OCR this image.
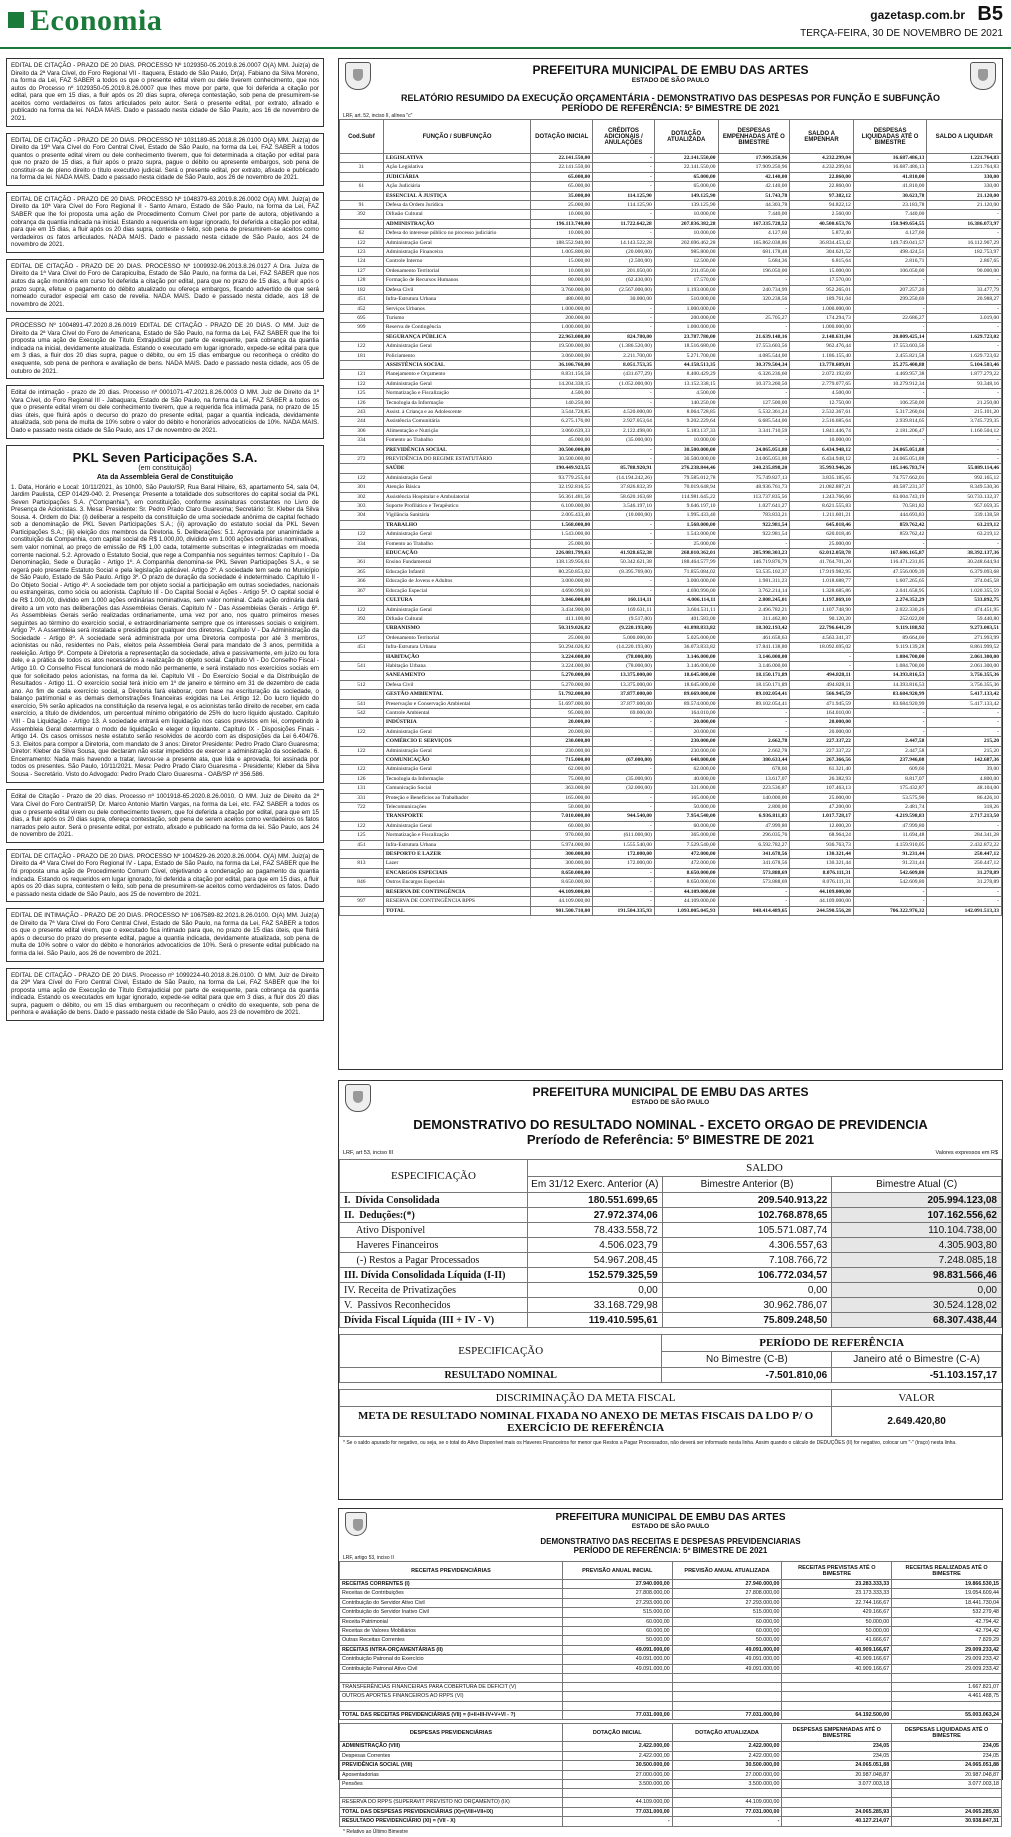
Economia	gazetasp.com.br B5
TERÇA-FEIRA, 30 DE NOVEMBRO DE 2021
EDITAL DE CITAÇÃO - PRAZO DE 20 DIAS. PROCESSO Nº 1029350-05.2019.8.26.0007 O(A) MM. Juiz(a) de Direito da 2ª Vara Cível, do Foro Regional VII - Itaquera, Estado de São Paulo, Dr(a). Fabiano da Silva Moreno, na forma da Lei, FAZ SABER a todos os que o presente edital virem ou dele tiverem conhecimento, que nos autos do Processo nº 1029350-05.2019.8.26.0007 que lhes move por parte, que foi deferida a citação por edital, para que em 15 dias, a fluir após os 20 dias supra, ofereça contestação, sob pena de presumirem-se aceitos como verdadeiros os fatos articulados pelo autor. Será o presente edital, por extrato, afixado e publicado na forma da lei. NADA MAIS. Dado e passado nesta cidade de São Paulo, aos 16 de novembro de 2021.
EDITAL DE CITAÇÃO - PRAZO DE 20 DIAS. PROCESSO Nº 1031189-85.2018.8.26.0100 O(A) MM. Juiz(a) de Direito da 19ª Vara Cível do Foro Central Cível, Estado de São Paulo, na forma da Lei, FAZ SABER a todos quantos o presente edital virem ou dele conhecimento tiverem, que foi determinada a citação por edital para que no prazo de 15 dias, a fluir após o prazo supra, pague o débito ou apresente embargos, sob pena de constituir-se de pleno direito o título executivo judicial. Será o presente edital, por extrato, afixado e publicado na forma da lei. NADA MAIS. Dado e passado nesta cidade de São Paulo, aos 26 de novembro de 2021.
EDITAL DE CITAÇÃO - PRAZO DE 20 DIAS. PROCESSO Nº 1048379-63.2019.8.26.0002 O(A) MM. Juiz(a) de Direito da 10ª Vara Cível do Foro Regional II - Santo Amaro, Estado de São Paulo, na forma da Lei, FAZ SABER que lhe foi proposta uma ação de Procedimento Comum Cível por parte de autora, objetivando a cobrança da quantia indicada na inicial. Estando a requerida em lugar ignorado, foi deferida a citação por edital, para que em 15 dias, a fluir após os 20 dias supra, conteste o feito, sob pena de presumirem-se aceitos como verdadeiros os fatos articulados. NADA MAIS. Dado e passado nesta cidade de São Paulo, aos 24 de novembro de 2021.
EDITAL DE CITAÇÃO - PRAZO DE 20 DIAS. PROCESSO Nº 1009932-96.2013.8.26.0127 A Dra. Juíza de Direito da 1ª Vara Cível do Foro de Carapicuíba, Estado de São Paulo, na forma da Lei, FAZ SABER que nos autos da ação monitória em curso foi deferida a citação por edital, para que no prazo de 15 dias, a fluir após o prazo supra, efetue o pagamento do débito atualizado ou ofereça embargos, ficando advertido de que será nomeado curador especial em caso de revelia. NADA MAIS. Dado e passado nesta cidade, aos 18 de novembro de 2021.
PROCESSO Nº 1004891-47.2020.8.26.0019 EDITAL DE CITAÇÃO - PRAZO DE 20 DIAS. O MM. Juiz de Direito da 2ª Vara Cível do Foro de Americana, Estado de São Paulo, na forma da Lei, FAZ SABER que lhe foi proposta uma ação de Execução de Título Extrajudicial por parte de exequente, para cobrança da quantia indicada na inicial, devidamente atualizada. Estando o executado em lugar ignorado, expede-se edital para que em 3 dias, a fluir dos 20 dias supra, pague o débito, ou em 15 dias embargue ou reconheça o crédito do exequente, sob pena de penhora e avaliação de bens. NADA MAIS. Dado e passado nesta cidade, aos 05 de outubro de 2021.
Edital de intimação - prazo de 20 dias. Processo nº 0001071-47.2021.8.26.0003 O MM. Juiz de Direito da 1ª Vara Cível, do Foro Regional III - Jabaquara, Estado de São Paulo, na forma da Lei, FAZ SABER a todos os que o presente edital virem ou dele conhecimento tiverem, que a requerida fica intimada para, no prazo de 15 dias úteis, que fluirá após o decurso do prazo do presente edital, pagar a quantia indicada, devidamente atualizada, sob pena de multa de 10% sobre o valor do débito e honorários advocatícios de 10%. NADA MAIS. Dado e passado nesta cidade de São Paulo, aos 17 de novembro de 2021.
PKL Seven Participações S.A.
(em constituição)
Ata da Assembleia Geral de Constituição
1. Data, Horário e Local: 10/11/2021, às 10h00, São Paulo/SP, Rua Baral Hilaire, 63, apartamento 54, sala 04, Jardim Paulista, CEP 01429-040. 2. Presença: Presente a totalidade dos subscritores do capital social da PKL Seven Participações S.A. (“Companhia”), em constituição, conforme assinaturas constantes no Livro de Presença de Acionistas. 3. Mesa: Presidente: Sr. Pedro Prado Claro Guaresma; Secretário: Sr. Kleber da Silva Sousa. 4. Ordem do Dia: (i) deliberar a respeito da constituição de uma sociedade anônima de capital fechado sob a denominação de PKL Seven Participações S.A.; (ii) aprovação do estatuto social da PKL Seven Participações S.A.; (iii) eleição dos membros da Diretoria. 5. Deliberações: 5.1. Aprovada por unanimidade a constituição da Companhia, com capital social de R$ 1.000,00, dividido em 1.000 ações ordinárias nominativas, sem valor nominal, ao preço de emissão de R$ 1,00 cada, totalmente subscritas e integralizadas em moeda corrente nacional. 5.2. Aprovado o Estatuto Social, que rege a Companhia nos seguintes termos: Capítulo I - Da Denominação, Sede e Duração - Artigo 1º. A Companhia denomina-se PKL Seven Participações S.A., e se regerá pelo presente Estatuto Social e pela legislação aplicável. Artigo 2º. A sociedade tem sede no Município de São Paulo, Estado de São Paulo. Artigo 3º. O prazo de duração da sociedade é indeterminado. Capítulo II - Do Objeto Social - Artigo 4º. A sociedade tem por objeto social a participação em outras sociedades, nacionais ou estrangeiras, como sócia ou acionista. Capítulo III - Do Capital Social e Ações - Artigo 5º. O capital social é de R$ 1.000,00, dividido em 1.000 ações ordinárias nominativas, sem valor nominal. Cada ação ordinária dará direito a um voto nas deliberações das Assembleias Gerais. Capítulo IV - Das Assembleias Gerais - Artigo 6º. As Assembleias Gerais serão realizadas ordinariamente, uma vez por ano, nos quatro primeiros meses seguintes ao término do exercício social, e extraordinariamente sempre que os interesses sociais o exigirem. Artigo 7º. A Assembleia será instalada e presidida por qualquer dos diretores. Capítulo V - Da Administração da Sociedade - Artigo 8º. A sociedade será administrada por uma Diretoria composta por até 3 membros, acionistas ou não, residentes no País, eleitos pela Assembleia Geral para mandato de 3 anos, permitida a reeleição. Artigo 9º. Compete à Diretoria a representação da sociedade, ativa e passivamente, em juízo ou fora dele, e a prática de todos os atos necessários à realização do objeto social. Capítulo VI - Do Conselho Fiscal - Artigo 10. O Conselho Fiscal funcionará de modo não permanente, e será instalado nos exercícios sociais em que for solicitado pelos acionistas, na forma da lei. Capítulo VII - Do Exercício Social e da Distribuição de Resultados - Artigo 11. O exercício social terá início em 1º de janeiro e término em 31 de dezembro de cada ano. Ao fim de cada exercício social, a Diretoria fará elaborar, com base na escrituração da sociedade, o balanço patrimonial e as demais demonstrações financeiras exigidas na Lei. Artigo 12. Do lucro líquido do exercício, 5% serão aplicados na constituição da reserva legal, e os acionistas terão direito de receber, em cada exercício, a título de dividendos, um percentual mínimo obrigatório de 25% do lucro líquido ajustado. Capítulo VIII - Da Liquidação - Artigo 13. A sociedade entrará em liquidação nos casos previstos em lei, competindo à Assembleia Geral determinar o modo de liquidação e eleger o liquidante. Capítulo IX - Disposições Finais - Artigo 14. Os casos omissos neste estatuto serão resolvidos de acordo com as disposições da Lei 6.404/76. 5.3. Eleitos para compor a Diretoria, com mandato de 3 anos: Diretor Presidente: Pedro Prado Claro Guaresma; Diretor: Kleber da Silva Sousa, que declaram não estar impedidos de exercer a administração da sociedade. 6. Encerramento: Nada mais havendo a tratar, lavrou-se a presente ata, que lida e aprovada, foi assinada por todos os presentes. São Paulo, 10/11/2021. Mesa: Pedro Prado Claro Guaresma - Presidente; Kleber da Silva Sousa - Secretário. Visto do Advogado: Pedro Prado Claro Guaresma - OAB/SP nº 356.586.
Edital de Citação - Prazo de 20 dias. Processo nº 1001918-65.2020.8.26.0010. O MM. Juiz de Direito da 2ª Vara Cível do Foro Central/SP, Dr. Marco Antonio Martin Vargas, na forma da Lei, etc. FAZ SABER a todos os que o presente edital virem ou dele conhecimento tiverem, que foi deferida a citação por edital, para que em 15 dias, a fluir após os 20 dias supra, ofereça contestação, sob pena de serem aceitos como verdadeiros os fatos narrados pelo autor. Será o presente edital, por extrato, afixado e publicado na forma da lei. São Paulo, aos 24 de novembro de 2021.
EDITAL DE CITAÇÃO - PRAZO DE 20 DIAS. PROCESSO Nº 1004529-26.2020.8.26.0004. O(A) MM. Juiz(a) de Direito da 4ª Vara Cível do Foro Regional IV - Lapa, Estado de São Paulo, na forma da Lei, FAZ SABER que lhe foi proposta uma ação de Procedimento Comum Cível, objetivando a condenação ao pagamento da quantia indicada. Estando os requeridos em lugar ignorado, foi deferida a citação por edital, para que em 15 dias, a fluir após os 20 dias supra, contestem o feito, sob pena de presumirem-se aceitos como verdadeiros os fatos. Dado e passado nesta cidade de São Paulo, aos 25 de novembro de 2021.
EDITAL DE INTIMAÇÃO - PRAZO DE 20 DIAS. PROCESSO Nº 1067589-82.2021.8.26.0100. O(A) MM. Juiz(a) de Direito da 7ª Vara Cível do Foro Central Cível, Estado de São Paulo, na forma da Lei, FAZ SABER a todos os que o presente edital virem, que o executado fica intimado para que, no prazo de 15 dias úteis, que fluirá após o decurso do prazo do presente edital, pague a quantia indicada, devidamente atualizada, sob pena de multa de 10% sobre o valor do débito e honorários advocatícios de 10%. Será o presente edital publicado na forma da lei. São Paulo, aos 26 de novembro de 2021.
EDITAL DE CITAÇÃO - PRAZO DE 20 DIAS. Processo nº 1099224-40.2018.8.26.0100. O MM. Juiz de Direito da 29ª Vara Cível do Foro Central Cível, Estado de São Paulo, na forma da Lei, FAZ SABER que lhe foi proposta uma ação de Execução de Título Extrajudicial por parte de exequente, para cobrança da quantia indicada. Estando os executados em lugar ignorado, expede-se edital para que em 3 dias, a fluir dos 20 dias supra, paguem o débito, ou em 15 dias embarguem ou reconheçam o crédito do exequente, sob pena de penhora e avaliação de bens. Dado e passado nesta cidade de São Paulo, aos 23 de novembro de 2021.
PREFEITURA MUNICIPAL DE EMBU DAS ARTES
ESTADO DE SÃO PAULO
RELATÓRIO RESUMIDO DA EXECUÇÃO ORÇAMENTÁRIA - DEMONSTRATIVO DAS DESPESAS POR FUNÇÃO E SUBFUNÇÃO
PERÍODO DE REFERÊNCIA: 5º BIMESTRE DE 2021
LRF, art. 52, inciso II, alínea "c"
Cod.Subf	FUNÇÃO / SUBFUNÇÃO	DOTAÇÃO INICIAL	CRÉDITOS ADICIONAIS / ANULAÇÕES	DOTAÇÃO ATUALIZADA	DESPESAS EMPENHADAS ATÉ O BIMESTRE	SALDO A EMPENHAR	DESPESAS LIQUIDADAS ATÉ O BIMESTRE	SALDO A LIQUIDAR
	LEGISLATIVA	22.141.550,00	-	22.141.550,00	17.909.250,96	4.232.299,04	16.687.486,13	1.221.764,83
31	Ação Legislativa	22.141.550,00	-	22.141.550,00	17.909.250,96	4.232.299,04	16.687.486,13	1.221.764,83
	JUDICIÁRIA	65.000,00	-	65.000,00	42.140,00	22.860,00	41.810,00	330,00
61	Ação Judiciária	65.000,00	-	65.000,00	42.140,00	22.860,00	41.810,00	330,00
	ESSENCIAL À JUSTIÇA	35.000,00	114.125,90	149.125,90	51.743,78	97.382,12	30.623,78	21.120,00
91	Defesa da Ordem Jurídica	25.000,00	114.125,90	139.125,90	44.303,78	94.822,12	23.183,78	21.120,00
392	Difusão Cultural	10.000,00	-	10.000,00	7.440,00	2.560,00	7.440,00	-
	ADMINISTRAÇÃO	196.113.740,00	11.722.642,28	207.836.382,28	167.335.728,52	40.500.653,76	150.949.654,55	16.386.073,97
62	Defesa do interesse público no processo judiciário	10.000,00	-	10.000,00	4.127,60	5.872,40	4.127,60	-
122	Administração Geral	188.552.940,00	14.143.522,28	202.696.462,28	165.862.038,86	36.834.453,42	149.749.041,57	16.112.967,29
123	Administração Financeira	1.005.800,00	(20.000,00)	985.800,00	681.178,48	304.621,52	498.424,51	182.753,97
124	Controle Interno	15.000,00	(2.500,00)	12.500,00	5.684,36	6.815,64	2.816,71	2.867,65
127	Ordenamento Territorial	10.000,00	201.050,00	211.050,00	196.050,00	15.000,00	106.050,00	90.000,00
128	Formação de Recursos Humanos	80.000,00	(62.430,00)	17.570,00	-	17.570,00	-	-
182	Defesa Civil	3.760.000,00	(2.567.000,00)	1.193.000,00	240.734,99	952.265,01	207.257,20	33.477,79
451	Infra-Estrutura Urbana	480.000,00	30.000,00	510.000,00	320.238,56	189.761,04	299.250,69	20.988,27
452	Serviços Urbanos	1.000.000,00	-	1.000.000,00	-	1.000.000,00	-	-
695	Turismo	200.000,00	-	200.000,00	25.705,27	174.294,73	22.686,27	3.019,00
999	Reserva de Contingência	1.000.000,00	-	1.000.000,00	-	1.000.000,00	-	-
	SEGURANÇA PÚBLICA	22.963.000,00	824.780,00	23.787.780,00	21.639.148,16	2.148.631,84	20.009.425,14	1.629.723,02
122	Administração Geral	19.500.000,00	(1.386.520,00)	18.516.680,00	17.553.603,56	962.476,44	17.553.603,56	-
181	Policiamento	3.060.000,00	2.211.700,00	5.271.700,00	4.085.544,00	1.186.155,40	2.455.821,58	1.629.723,02
	ASSISTÊNCIA SOCIAL	36.106.760,00	8.051.753,35	44.158.513,35	30.379.504,34	13.778.609,01	25.275.400,88	5.104.503,46
121	Planejamento e Orçamento	8.831.156,58	(431.677,29)	8.400.429,29	6.326.236,60	2.072.192,69	4.469.957,38	1.877.279,22
122	Administração Geral	14.204.338,15	(1.052.000,00)	13.152.338,15	10.373.260,50	2.779.077,65	10.279.912,34	93.348,16
125	Normatização e Fiscalização	4.500,00	-	4.500,00	-	4.500,00	-	-
126	Tecnologia da Informação	140.250,00	-	140.250,00	127.500,00	12.750,00	106.250,00	21.250,00
243	Assist. à Criança e ao Adolescente	3.544.728,85	4.520.000,00	8.064.728,85	5.532.361,24	2.532.367,61	5.317.260,04	215.101,20
244	Assistência Comunitária	6.275.176,00	2.927.053,64	9.202.229,64	6.685.544,00	2.516.685,64	2.939.814,65	3.745.729,35
306	Alimentação e Nutrição	3.060.639,33	2.122.498,00	5.183.137,33	3.341.710,59	1.841.446,74	2.181.206,47	1.160.504,12
334	Fomento ao Trabalho	45.000,00	(35.000,00)	10.000,00	-	10.000,00	-	-
	PREVIDÊNCIA SOCIAL	30.500.000,00	-	30.500.000,00	24.065.051,88	6.434.948,12	24.065.051,88	-
272	PREVIDÊNCIA DO REGIME ESTATUTÁRIO	30.500.000,00	-	30.500.000,00	24.065.051,88	6.434.948,12	24.065.051,88	-
	SAÚDE	190.449.923,55	85.788.920,91	276.238.844,46	240.235.898,20	35.993.946,26	185.146.783,74	55.089.114,46
122	Administração Geral	93.779.255,04	(14.194.242,26)	79.585.012,78	75.749.827,13	3.835.185,65	74.757.662,01	992.165,12
301	Atenção Básica	32.192.816,55	37.826.832,39	70.019.648,94	48.936.761,73	21.082.887,21	40.587.231,37	8.349.530,36
302	Assistência Hospitalar e Ambulatorial	56.361.481,56	58.620.163,68	114.981.645,22	113.737.835,56	1.243.766,66	63.004.743,19	50.733.132,37
303	Suporte Profilático e Terapêutico	6.100.000,00	3.546.197,10	9.646.197,10	1.027.641,27	8.621.555,83	70.581,82	957.059,35
304	Vigilância Sanitária	2.005.433,40	(10.000,00)	1.995.433,40	783.833,21	1.211.601,21	444.693,83	339.138,58
	TRABALHO	1.568.000,00	-	1.568.000,00	922.981,54	645.018,46	859.762,42	63.219,12
122	Administração Geral	1.543.000,00	-	1.543.000,00	922.981,54	620.018,46	859.762,42	63.219,12
334	Fomento ao Trabalho	25.000,00	-	25.000,00	-	25.000,00	-	-
	EDUCAÇÃO	226.081.799,63	41.928.652,38	268.010.362,01	205.998.303,23	62.012.058,78	167.606.165,87	38.392.137,36
361	Ensino Fundamental	138.139.956,61	50.342.621,38	188.464.577,99	146.719.876,79	41.764.701,20	116.471.231,85	30.248.644,94
365	Educação Infantil	80.250.853,02	(8.395.769,00)	71.855.084,02	53.535.102,37	17.919.982,95	47.556.009,39	6.379.093,68
366	Educação de Jovens e Adultos	3.000.000,00	-	3.000.000,00	1.981.311,23	1.018.688,77	1.607.265,65	374.045,58
367	Educação Especial	4.690.990,00	-	4.690.990,00	3.762.214,14	1.328.685,86	2.041.658,95	1.020.355,59
	CULTURA	3.846.000,00	160.114,11	4.006.114,11	2.808.245,01	1.197.869,10	2.274.352,29	533.892,75
122	Administração Geral	3.434.900,00	169.631,11	3.604.531,11	2.496.782,21	1.107.748,90	2.022.330,26	474.451,95
392	Difusão Cultural	411.100,00	(9.517,00)	401.583,00	311.462,80	90.120,20	252.022,00	59.440,80
	URBANISMO	50.319.026,82	(9.220.193,00)	41.098.833,82	18.302.193,42	22.796.641,39	9.119.188,92	9.273.003,51
127	Ordenamento Territorial	25.000,00	5.000.000,00	5.025.000,00	461.658,63	4.563.341,37	89.664,00	271.993,99
451	Infra-Estrutura Urbana	50.294.026,82	(14.220.193,00)	36.073.833,82	17.841.138,80	18.092.695,02	9.119.139,28	8.861.999,52
	HABITAÇÃO	3.224.000,00	(78.000,00)	3.146.000,00	3.146.000,00	-	1.084.700,00	2.061.300,00
541	Habitação Urbana	3.224.000,00	(78.000,00)	3.146.000,00	3.146.000,00	-	1.084.700,00	2.061.300,00
	SANEAMENTO	5.270.000,00	13.375.000,00	18.645.000,00	18.150.171,89	494.828,11	14.393.816,53	3.756.355,36
512	Defesa Civil	5.270.000,00	13.375.000,00	18.645.000,00	18.150.171,89	494.828,11	14.393.816,53	3.756.355,36
	GESTÃO AMBIENTAL	51.792.000,00	37.877.000,00	89.669.000,00	89.102.054,41	566.945,59	83.684.920,99	5.417.133,42
541	Preservação e Conservação Ambiental	51.697.000,00	37.877.000,00	89.574.000,00	89.102.054,41	471.945,59	83.684.920,99	5.417.133,42
542	Controle Ambiental	95.000,00	69.000,00	164.010,00	-	164.010,00	-	-
	INDÚSTRIA	20.000,00	-	20.000,00	-	20.000,00	-	-
122	Administração Geral	20.000,00	-	20.000,00	-	20.000,00	-	-
	COMÉRCIO E SERVIÇOS	230.000,00	-	230.000,00	2.662,78	227.337,22	2.447,58	215,20
122	Administração Geral	230.000,00	-	230.000,00	2.662,78	227.337,22	2.447,58	215,20
	COMUNICAÇÃO	715.000,00	(67.000,00)	648.000,00	380.633,44	267.366,56	237.946,08	142.687,36
122	Administração Geral	62.000,00	-	62.000,00	678,60	61.321,40	609,60	39,00
126	Tecnologia da Informação	75.000,00	(35.000,00)	40.000,00	13.617,07	26.382,93	8.817,07	4.800,00
131	Comunicação Social	363.000,00	(32.000,00)	331.000,00	223.536,87	107.463,13	175.432,87	48.104,00
331	Proteção e Benefícios ao Trabalhador	165.000,00	-	165.000,00	140.000,00	25.000,00	53.575,90	86.426,10
722	Telecomunicações	50.000,00	-	50.000,00	2.800,00	47.200,00	2.481,74	318,26
	TRANSPORTE	7.010.000,00	944.540,00	7.954.540,00	6.936.811,83	1.017.728,17	4.219.598,83	2.717.213,50
122	Administração Geral	60.000,00	-	60.000,00	47.999,80	12.000,20	47.999,80	-
125	Normatização e Fiscalização	970.000,00	(611.000,00)	365.000,00	296.035,76	68.964,24	11.694,48	284.341,28
451	Infra-Estrutura Urbana	5.974.000,00	1.555.540,00	7.529.540,00	6.592.782,27	936.763,73	4.159.910,05	2.432.872,22
	DESPORTO E LAZER	300.000,00	172.000,00	472.000,00	341.678,56	130.321,44	91.231,44	250.447,12
813	Lazer	300.000,00	172.000,00	472.000,00	341.678,56	130.321,44	91.231,44	250.447,12
	ENCARGOS ESPECIAIS	8.650.000,00	-	8.650.000,00	573.888,69	8.076.111,31	542.609,80	31.278,89
846	Outros Encargos Especiais	8.650.000,00	-	8.650.000,00	573.888,69	8.076.111,31	542.609,80	31.278,89
	RESERVA DE CONTINGÊNCIA	44.109.000,00	-	44.109.000,00	-	44.109.000,00	-	-
997	RESERVA DE CONTINGÊNCIA RPPS	44.109.000,00	-	44.109.000,00	-	44.109.000,00	-	-
	TOTAL	901.500.710,00	191.504.335,93	1.093.005.045,93	848.414.489,65	244.590.556,28	706.322.976,32	142.091.513,33
PREFEITURA MUNICIPAL DE EMBU DAS ARTES
ESTADO DE SÃO PAULO
DEMONSTRATIVO DO RESULTADO NOMINAL - EXCETO ORGAO DE PREVIDENCIA
Preríodo de Referência: 5º BIMESTRE DE 2021
LRF, art 53, inciso III	Valores expressos em R$
ESPECIFICAÇÃO	SALDO		
	Em 31/12 Exerc. Anterior (A)	Bimestre Anterior (B)	Bimestre Atual (C)
I.  Dívida Consolidada	180.551.699,65	209.540.913,22	205.994.123,08
II.  Deduções:(*)	27.972.374,06	102.768.878,65	107.162.556,62
Ativo Disponível	78.433.558,72	105.571.087,74	110.104.738,00
Haveres Financeiros	4.506.023,79	4.306.557,63	4.305.903,80
(-) Restos a Pagar Processados	54.967.208,45	7.108.766,72	7.248.085,18
III. Dívida Consolidada Líquida (I-II)	152.579.325,59	106.772.034,57	98.831.566,46
IV. Receita de Privatizações	0,00	0,00	0,00
V.  Passivos Reconhecidos	33.168.729,98	30.962.786,07	30.524.128,02
Dívida Fiscal Líquida (III + IV - V)	119.410.595,61	75.809.248,50	68.307.438,44
ESPECIFICAÇÃO	PERÍODO DE REFERÊNCIA	
	No Bimestre (C-B)	Janeiro até o Bimestre (C-A)
RESULTADO NOMINAL	-7.501.810,06	-51.103.157,17
DISCRIMINAÇÃO DA META FISCAL	VALOR
META DE RESULTADO NOMINAL FIXADA NO ANEXO DE METAS FISCAIS DA LDO P/ O EXERCÍCIO DE REFERÊNCIA	2.649.420,80
* Se o saldo apurado for negativo, ou seja, se o total do Ativo Disponível mais os Haveres Financeiros for menor que Restos a Pagar Processados, não deverá ser informado nesta linha. Assim quando o cálculo de DEDUÇÕES (II) for negativo, colocar um "-" (traço) nesta linha.
PREFEITURA MUNICIPAL DE EMBU DAS ARTES
ESTADO DE SÃO PAULO
DEMONSTRATIVO DAS RECEITAS E DESPESAS PREVIDENCIARIAS
PERÍODO DE REFERÊNCIA: 5º BIMESTRE DE 2021
LRF, artigo 53, inciso II
RECEITAS PREVIDENCIÁRIAS	PREVISÃO ANUAL INICIAL	PREVISÃO ANUAL ATUALIZADA	RECEITAS PREVISTAS ATÉ O BIMESTRE	RECEITAS REALIZADAS ATÉ O BIMESTRE
RECEITAS CORRENTES (I)	27.940.000,00	27.940.000,00	23.283.333,33	19.866.530,15
Receitas de Contribuições	27.808.000,00	27.808.000,00	23.173.333,33	19.054.609,44
Contribuição do Servidor Ativo Civil	27.293.000,00	27.293.000,00	22.744.166,67	18.441.730,04
Contribuição do Servidor Inativo Civil	515.000,00	515.000,00	429.166,67	532.279,48
Receita Patrimonial	60.000,00	60.000,00	50.000,00	42.794,42
Receitas de Valores Mobiliários	60.000,00	60.000,00	50.000,00	42.794,42
Outras Receitas Correntes	50.000,00	50.000,00	41.666,67	7.829,29
RECEITAS INTRA-ORÇAMENTÁRIAS (II)	49.091.000,00	49.091.000,00	40.909.166,67	29.009.233,42
Contribuição Patronal do Exercício	49.091.000,00	49.091.000,00	40.909.166,67	29.009.233,42
Contribuição Patronal Ativo Civil	49.091.000,00	49.091.000,00	40.909.166,67	29.009.233,42

TRANSFERÊNCIAS FINANCEIRAS PARA COBERTURA DE DEFICIT (V)				1.667.821,07
OUTROS APORTES FINANCEIROS AO RPPS (VI)				4.461.488,75

TOTAL DAS RECEITAS PREVIDENCIÁRIAS (VII) = (I+II+III-IV+V+VI - ?)	77.031.000,00	77.031.000,00	64.192.500,00	55.003.063,24
DESPESAS PREVIDENCIÁRIAS	DOTAÇÃO INICIAL	DOTAÇÃO ATUALIZADA	DESPESAS EMPENHADAS ATÉ O BIMESTRE	DESPESAS LIQUIDADAS ATÉ O BIMESTRE
ADMINISTRAÇÃO (VIII)	2.422.000,00	2.422.000,00	234,05	234,05
Despesas Correntes	2.422.000,00	2.422.000,00	234,05	234,05
PREVIDÊNCIA SOCIAL (VIII)	30.500.000,00	30.500.000,00	24.065.051,88	24.065.051,88
Aposentadorias	27.000.000,00	27.000.000,00	20.987.048,87	20.987.048,87
Pensões	3.500.000,00	3.500.000,00	3.077.003,18	3.077.003,18

RESERVA DO RPPS (SUPERAVIT PREVISTO NO ORÇAMENTO) (IX)	44.109.000,00	44.109.000,00		
TOTAL DAS DESPESAS PREVIDENCIÁRIAS (X)=(VIII+VII+IX)	77.031.000,00	77.031.000,00	24.065.285,93	24.065.285,93
RESULTADO PREVIDENCIÁRIO (XI) = (VII - X)	-	-	40.127.214,07	30.938.847,31
* Relativo ao Último Bimestre
